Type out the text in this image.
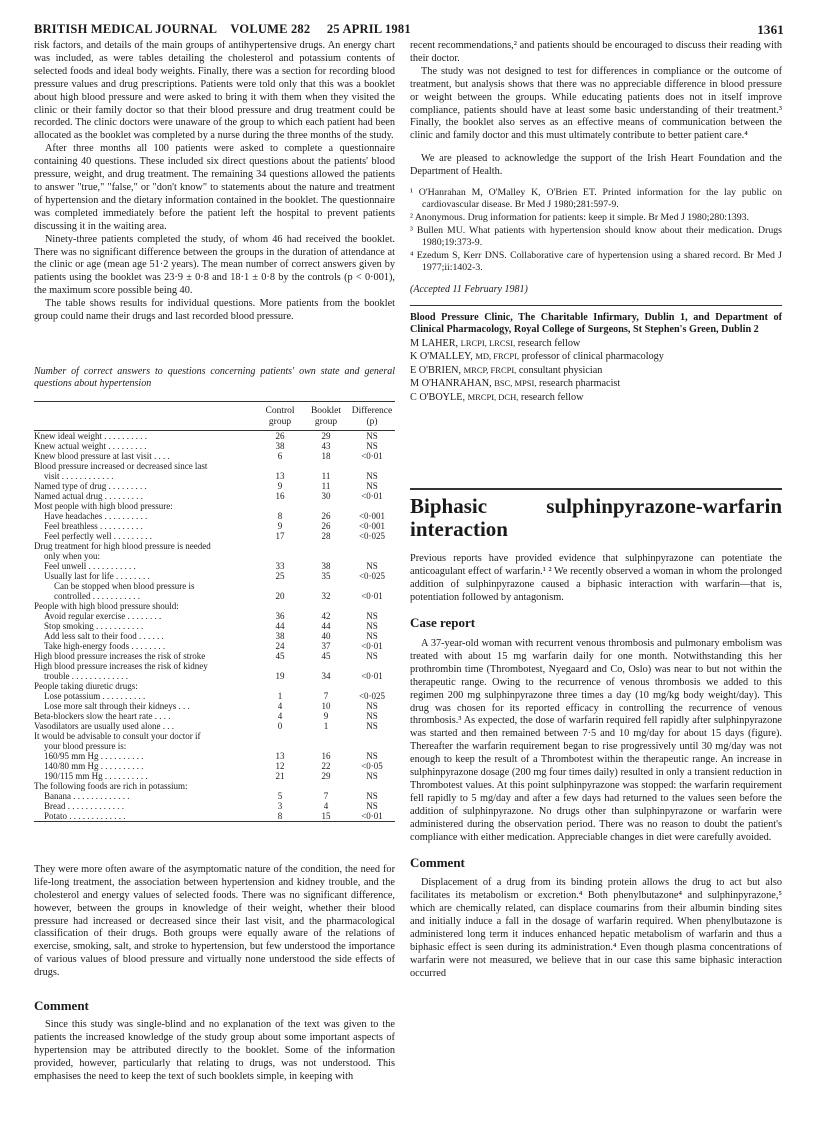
BRITISH MEDICAL JOURNAL VOLUME 282 25 APRIL 1981	1361

risk factors, and details of the main groups of antihypertensive drugs. An energy chart was included, as were tables detailing the cholesterol and potassium contents of selected foods and ideal body weights. Finally, there was a section for recording blood pressure values and drug prescriptions. Patients were told only that this was a booklet about high blood pressure and were asked to bring it with them when they visited the clinic or their family doctor so that their blood pressure and drug treatment could be recorded. The clinic doctors were unaware of the group to which each patient had been allocated as the booklet was completed by a nurse during the three months of the study.

After three months all 100 patients were asked to complete a questionnaire containing 40 questions. These included six direct questions about the patients' blood pressure, weight, and drug treatment. The remaining 34 questions allowed the patients to answer "true," "false," or "don't know" to statements about the nature and treatment of hypertension and the dietary information contained in the booklet. The questionnaire was completed immediately before the patient left the hospital to prevent patients discussing it in the waiting area.

Ninety-three patients completed the study, of whom 46 had received the booklet. There was no significant difference between the groups in the duration of attendance at the clinic or age (mean age 51·2 years). The mean number of correct answers given by patients using the booklet was 23·9 ± 0·8 and 18·1 ± 0·8 by the controls (p < 0·001), the maximum score possible being 40.

The table shows results for individual questions. More patients from the booklet group could name their drugs and last recorded blood pressure.

Number of correct answers to questions concerning patients' own state and general questions about hypertension
	Control group	Booklet group	Difference (p)
Knew ideal weight . . . . . . . . . .	26	29	NS
Knew actual weight . . . . . . . . .	38	43	NS
Knew blood pressure at last visit . . . .	6	18	<0·01
Blood pressure increased or decreased since last			
visit . . . . . . . . . . . .	13	11	NS
Named type of drug . . . . . . . . .	9	11	NS
Named actual drug . . . . . . . . .	16	30	<0·01
Most people with high blood pressure:			
Have headaches . . . . . . . . . .	8	26	<0·001
Feel breathless . . . . . . . . . .	9	26	<0·001
Feel perfectly well . . . . . . . . .	17	28	<0·025
Drug treatment for high blood pressure is needed			
only when you:			
Feel unwell . . . . . . . . . . .	33	38	NS
Usually last for life . . . . . . . .	25	35	<0·025
Can be stopped when blood pressure is			
controlled . . . . . . . . . . .	20	32	<0·01
People with high blood pressure should:			
Avoid regular exercise . . . . . . . .	36	42	NS
Stop smoking . . . . . . . . . . .	44	44	NS
Add less salt to their food . . . . . .	38	40	NS
Take high-energy foods . . . . . . . .	24	37	<0·01
High blood pressure increases the risk of stroke	45	45	NS
High blood pressure increases the risk of kidney			
trouble . . . . . . . . . . . . .	19	34	<0·01
People taking diuretic drugs:			
Lose potassium . . . . . . . . . .	1	7	<0·025
Lose more salt through their kidneys . . .	4	10	NS
Beta-blockers slow the heart rate . . . .	4	9	NS
Vasodilators are usually used alone . . .	0	1	NS
It would be advisable to consult your doctor if			
your blood pressure is:			
160/95 mm Hg . . . . . . . . . .	13	16	NS
140/80 mm Hg . . . . . . . . . .	12	22	<0·05
190/115 mm Hg . . . . . . . . . .	21	29	NS
The following foods are rich in potassium:			
Banana . . . . . . . . . . . . .	5	7	NS
Bread . . . . . . . . . . . . .	3	4	NS
Potato . . . . . . . . . . . . .	8	15	<0·01

They were more often aware of the asymptomatic nature of the condition, the need for life-long treatment, the association between hypertension and kidney trouble, and the cholesterol and energy values of selected foods. There was no significant difference, however, between the groups in knowledge of their weight, whether their blood pressure had increased or decreased since their last visit, and the pharmacological classification of their drugs. Both groups were equally aware of the relations of exercise, smoking, salt, and stroke to hypertension, but few understood the importance of various values of blood pressure and virtually none understood the side effects of drugs.

Comment

Since this study was single-blind and no explanation of the text was given to the patients the increased knowledge of the study group about some important aspects of hypertension may be attributed directly to the booklet. Some of the information provided, however, particularly that relating to drugs, was not understood. This emphasises the need to keep the text of such booklets simple, in keeping with

recent recommendations,² and patients should be encouraged to discuss their reading with their doctor.

The study was not designed to test for differences in compliance or the outcome of treatment, but analysis shows that there was no appreciable difference in blood pressure or weight between the groups. While educating patients does not in itself improve compliance, patients should have at least some basic understanding of their treatment.³ Finally, the booklet also serves as an effective means of communication between the clinic and family doctor and this must ultimately contribute to better patient care.⁴

We are pleased to acknowledge the support of the Irish Heart Foundation and the Department of Health.

¹ O'Hanrahan M, O'Malley K, O'Brien ET. Printed information for the lay public on cardiovascular disease. Br Med J 1980;281:597-9.
² Anonymous. Drug information for patients: keep it simple. Br Med J 1980;280:1393.
³ Bullen MU. What patients with hypertension should know about their medication. Drugs 1980;19:373-9.
⁴ Ezedum S, Kerr DNS. Collaborative care of hypertension using a shared record. Br Med J 1977;ii:1402-3.
(Accepted 11 February 1981)
Blood Pressure Clinic, The Charitable Infirmary, Dublin 1, and Department of Clinical Pharmacology, Royal College of Surgeons, St Stephen's Green, Dublin 2
M LAHER, LRCPI, LRCSI, research fellow
K O'MALLEY, MD, FRCPI, professor of clinical pharmacology
E O'BRIEN, MRCP, FRCPI, consultant physician
M O'HANRAHAN, BSC, MPSI, research pharmacist
C O'BOYLE, MRCPI, DCH, research fellow
Biphasic sulphinpyrazone-warfarin interaction

Previous reports have provided evidence that sulphinpyrazone can potentiate the anticoagulant effect of warfarin.¹ ² We recently observed a woman in whom the prolonged addition of sulphinpyrazone caused a biphasic interaction with warfarin—that is, potentiation followed by antagonism.

Case report

A 37-year-old woman with recurrent venous thrombosis and pulmonary embolism was treated with about 15 mg warfarin daily for one month. Notwithstanding this her prothrombin time (Thrombotest, Nyegaard and Co, Oslo) was near to but not within the therapeutic range. Owing to the recurrence of venous thrombosis we added to this regimen 200 mg sulphinpyrazone three times a day (10 mg/kg body weight/day). This drug was chosen for its reported efficacy in controlling the recurrence of venous thrombosis.³ As expected, the dose of warfarin required fell rapidly after sulphinpyrazone was started and then remained between 7·5 and 10 mg/day for about 15 days (figure). Thereafter the warfarin requirement began to rise progressively until 30 mg/day was not enough to keep the result of a Thrombotest within the therapeutic range. An increase in sulphinpyrazone dosage (200 mg four times daily) resulted in only a transient reduction in Thrombotest values. At this point sulphinpyrazone was stopped: the warfarin requirement fell rapidly to 5 mg/day and after a few days had returned to the values seen before the addition of sulphinpyrazone. No drugs other than sulphinpyrazone or warfarin were administered during the observation period. There was no reason to doubt the patient's compliance with either medication. Appreciable changes in diet were carefully avoided.

Comment

Displacement of a drug from its binding protein allows the drug to act but also facilitates its metabolism or excretion.⁴ Both phenylbutazone⁴ and sulphinpyrazone,⁵ which are chemically related, can displace coumarins from their albumin binding sites and initially induce a fall in the dosage of warfarin required. When phenylbutazone is administered long term it induces enhanced hepatic metabolism of warfarin and thus a biphasic effect is seen during its administration.⁴ Even though plasma concentrations of warfarin were not measured, we believe that in our case this same biphasic interaction occurred
